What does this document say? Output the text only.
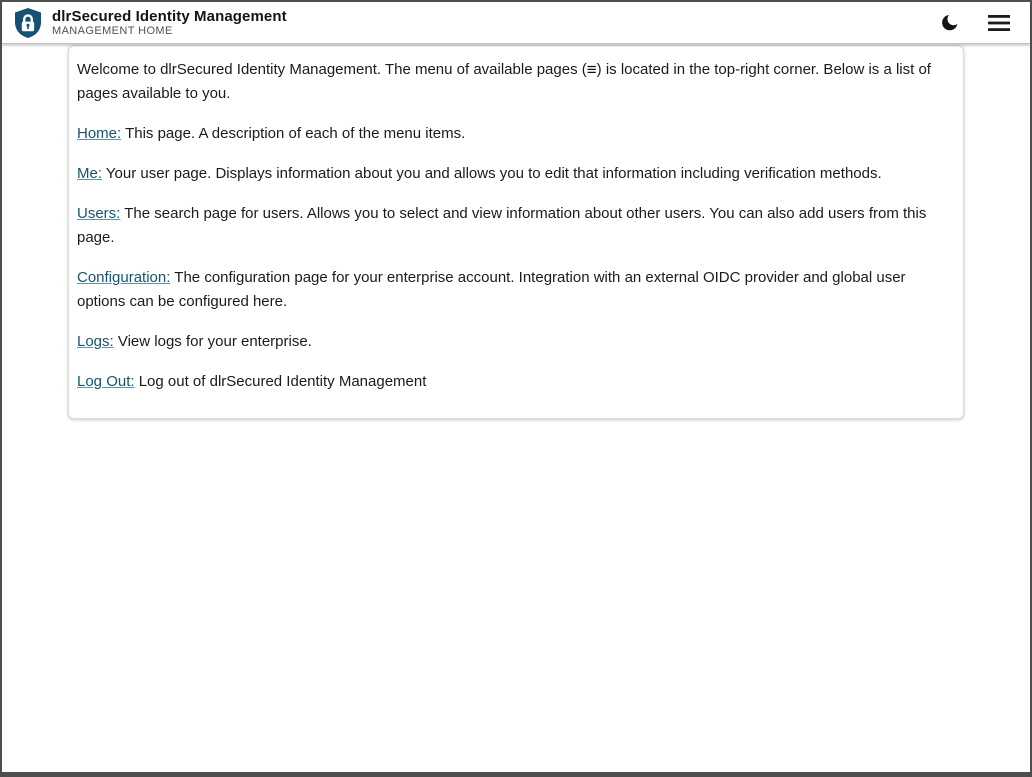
dlrSecured Identity Management
MANAGEMENT HOME

Welcome to dlrSecured Identity Management. The menu of available pages (≡) is located in the top-right corner. Below is a list of pages available to you.

Home: This page. A description of each of the menu items.

Me: Your user page. Displays information about you and allows you to edit that information including verification methods.

Users: The search page for users. Allows you to select and view information about other users. You can also add users from this page.

Configuration: The configuration page for your enterprise account. Integration with an external OIDC provider and global user options can be configured here.

Logs: View logs for your enterprise.

Log Out: Log out of dlrSecured Identity Management
